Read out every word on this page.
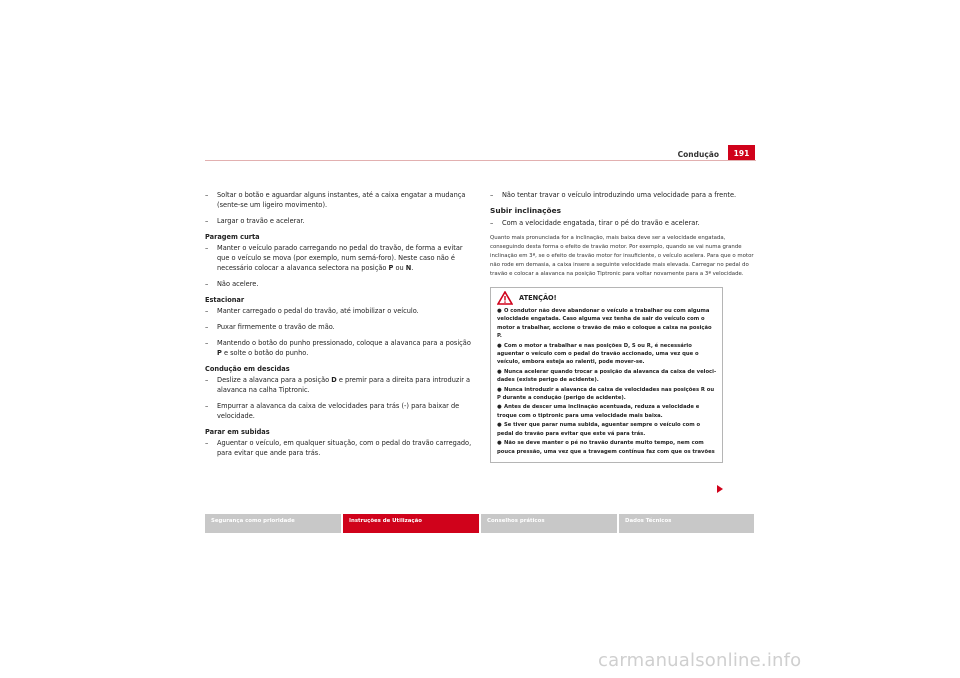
Condução	191
– Soltar o botão e aguardar alguns instantes, até a caixa engatar a mudança (sente-se um ligeiro movimento).
– Largar o travão e acelerar.
Paragem curta
– Manter o veículo parado carregando no pedal do travão, de forma a evitar que o veículo se mova (por exemplo, num semá-foro). Neste caso não é necessário colocar a alavanca selectora na posição P ou N.
– Não acelere.
Estacionar
– Manter carregado o pedal do travão, até imobilizar o veículo.
– Puxar firmemente o travão de mão.
– Mantendo o botão do punho pressionado, coloque a alavanca para a posição P e solte o botão do punho.
Condução em descidas
– Deslize a alavanca para a posição D e premir para a direita para introduzir a alavanca na calha Tiptronic.
– Empurrar a alavanca da caixa de velocidades para trás (-) para baixar de velocidade.
Parar em subidas
– Aguentar o veículo, em qualquer situação, com o pedal do travão carregado, para evitar que ande para trás.
– Não tentar travar o veículo introduzindo uma velocidade para a frente.
Subir inclinações
– Com a velocidade engatada, tirar o pé do travão e acelerar.
Quanto mais pronunciada for a inclinação, mais baixa deve ser a velocidade engatada, conseguindo desta forma o efeito de travão motor. Por exemplo, quando se vai numa grande inclinação em 3ª, se o efeito de travão motor for insuficiente, o veículo acelera. Para que o motor não rode em demasia, a caixa insere a seguinte velocidade mais elevada. Carregar no pedal do travão e colocar a alavanca na posição Tiptronic para voltar novamente para a 3ª velocidade.
ATENÇÃO!
● O condutor não deve abandonar o veículo a trabalhar ou com alguma velocidade engatada. Caso alguma vez tenha de sair do veículo com o motor a trabalhar, accione o travão de mão e coloque a caixa na posição P.
● Com o motor a trabalhar e nas posições D, S ou R, é necessário aguentar o veículo com o pedal do travão accionado, uma vez que o veículo, embora esteja ao ralenti, pode mover-se.
● Nunca acelerar quando trocar a posição da alavanca da caixa de veloci-dades (existe perigo de acidente).
● Nunca introduzir a alavanca da caixa de velocidades nas posições R ou P durante a condução (perigo de acidente).
● Antes de descer uma inclinação acentuada, reduza a velocidade e troque com o tiptronic para uma velocidade mais baixa.
● Se tiver que parar numa subida, aguentar sempre o veículo com o pedal do travão para evitar que este vá para trás.
● Não se deve manter o pé no travão durante muito tempo, nem com pouca pressão, uma vez que a travagem contínua faz com que os travões
Segurança como prioridade	Instruções de Utilização	Conselhos práticos	Dados Técnicos
carmanualsonline.info
